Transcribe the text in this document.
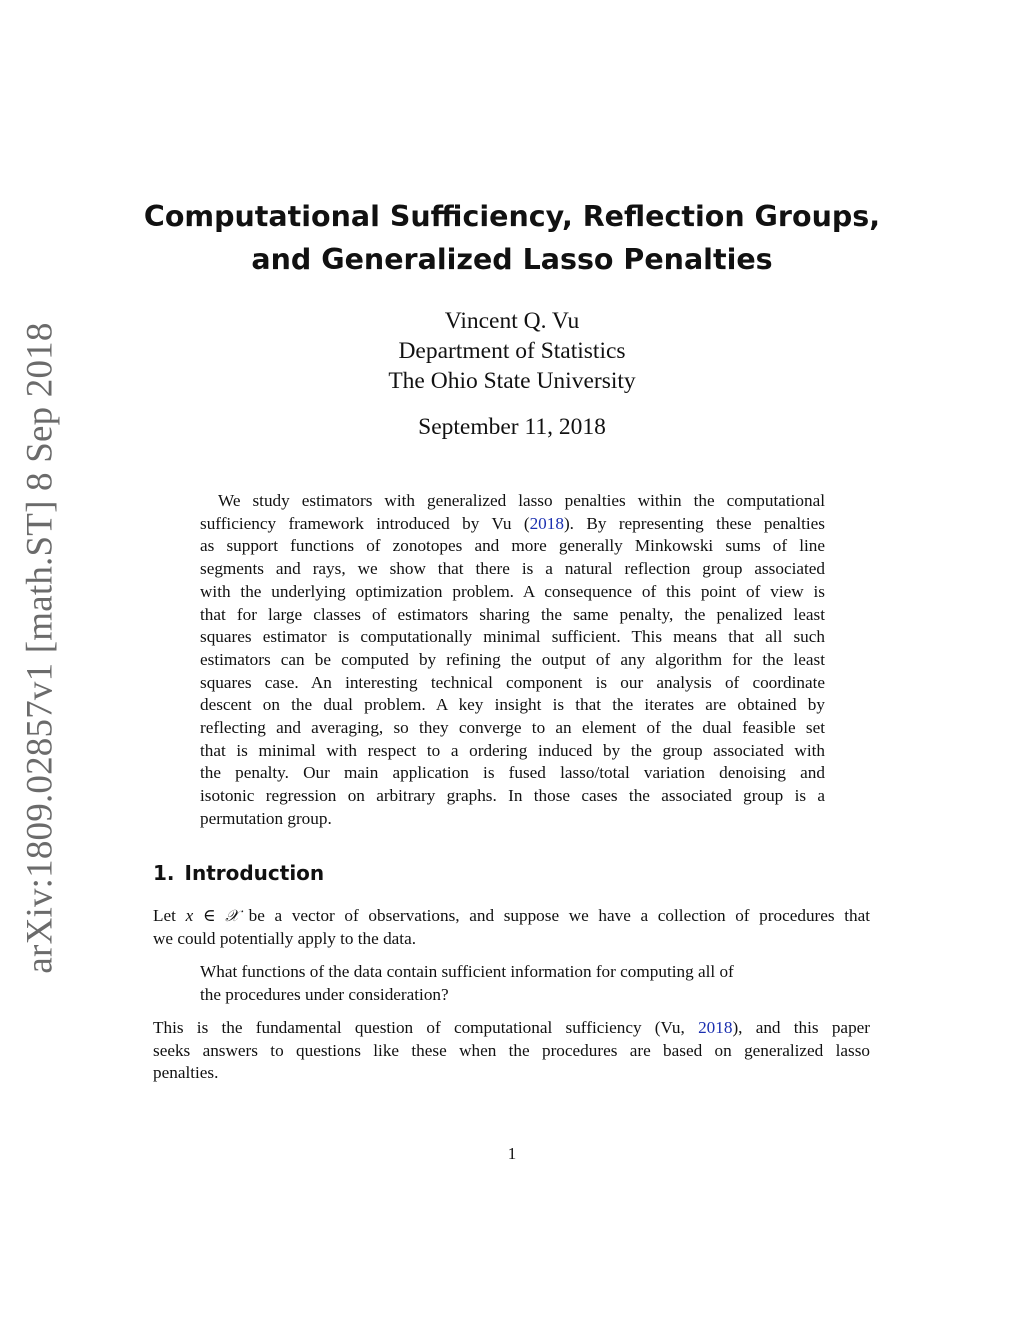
arXiv:1809.02857v1 [math.ST] 8 Sep 2018
Computational Sufficiency, Reflection Groups,
and Generalized Lasso Penalties
Vincent Q. Vu
Department of Statistics
The Ohio State University
September 11, 2018
We study estimators with generalized lasso penalties within the computational
sufficiency framework introduced by Vu (2018). By representing these penalties
as support functions of zonotopes and more generally Minkowski sums of line
segments and rays, we show that there is a natural reflection group associated
with the underlying optimization problem. A consequence of this point of view is
that for large classes of estimators sharing the same penalty, the penalized least
squares estimator is computationally minimal sufficient. This means that all such
estimators can be computed by refining the output of any algorithm for the least
squares case. An interesting technical component is our analysis of coordinate
descent on the dual problem. A key insight is that the iterates are obtained by
reflecting and averaging, so they converge to an element of the dual feasible set
that is minimal with respect to a ordering induced by the group associated with
the penalty. Our main application is fused lasso/total variation denoising and
isotonic regression on arbitrary graphs. In those cases the associated group is a
permutation group.
1. Introduction
Let x ∈ 𝒳 be a vector of observations, and suppose we have a collection of procedures that
we could potentially apply to the data.
What functions of the data contain sufficient information for computing all of
the procedures under consideration?
This is the fundamental question of computational sufficiency (Vu, 2018), and this paper
seeks answers to questions like these when the procedures are based on generalized lasso
penalties.
1
